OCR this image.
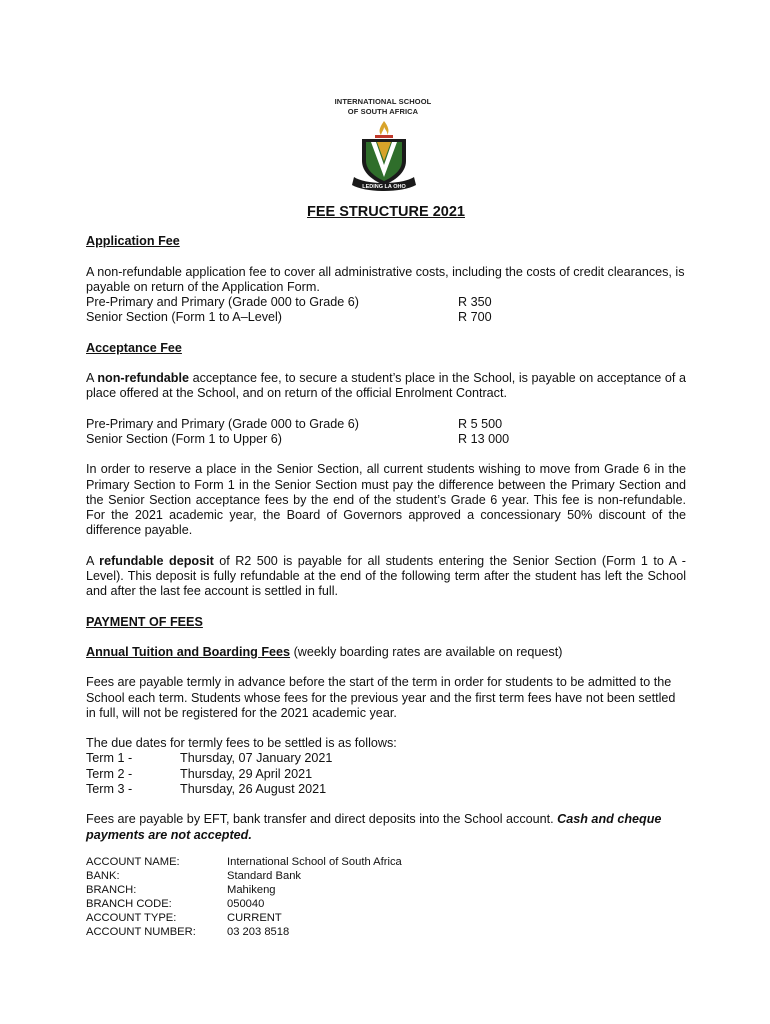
INTERNATIONAL SCHOOL
OF SOUTH AFRICA
LEDING LA OHO
FEE STRUCTURE 2021

Application Fee

A non-refundable application fee to cover all administrative costs, including the costs of credit clearances, is payable on return of the Application Form.

Pre-Primary and Primary (Grade 000 to Grade 6)	R 350
Senior Section (Form 1 to A–Level)	R 700

Acceptance Fee

A non-refundable acceptance fee, to secure a student’s place in the School, is payable on acceptance of a place offered at the School, and on return of the official Enrolment Contract.

Pre-Primary and Primary (Grade 000 to Grade 6)	R 5 500
Senior Section (Form 1 to Upper 6)	R 13 000

In order to reserve a place in the Senior Section, all current students wishing to move from Grade 6 in the Primary Section to Form 1 in the Senior Section must pay the difference between the Primary Section and the Senior Section acceptance fees by the end of the student’s Grade 6 year. This fee is non-refundable. For the 2021 academic year, the Board of Governors approved a concessionary 50% discount of the difference payable.

A refundable deposit of R2 500 is payable for all students entering the Senior Section (Form 1 to A - Level). This deposit is fully refundable at the end of the following term after the student has left the School and after the last fee account is settled in full.

PAYMENT OF FEES

Annual Tuition and Boarding Fees (weekly boarding rates are available on request)

Fees are payable termly in advance before the start of the term in order for students to be admitted to the School each term. Students whose fees for the previous year and the first term fees have not been settled in full, will not be registered for the 2021 academic year.

The due dates for termly fees to be settled is as follows:

Term 1 -	Thursday, 07 January 2021
Term 2 -	Thursday, 29 April 2021
Term 3 -	Thursday, 26 August 2021

Fees are payable by EFT, bank transfer and direct deposits into the School account. Cash and cheque payments are not accepted.

ACCOUNT NAME:	International School of South Africa
BANK:	Standard Bank
BRANCH:	Mahikeng
BRANCH CODE:	050040
ACCOUNT TYPE:	CURRENT
ACCOUNT NUMBER:	03 203 8518
